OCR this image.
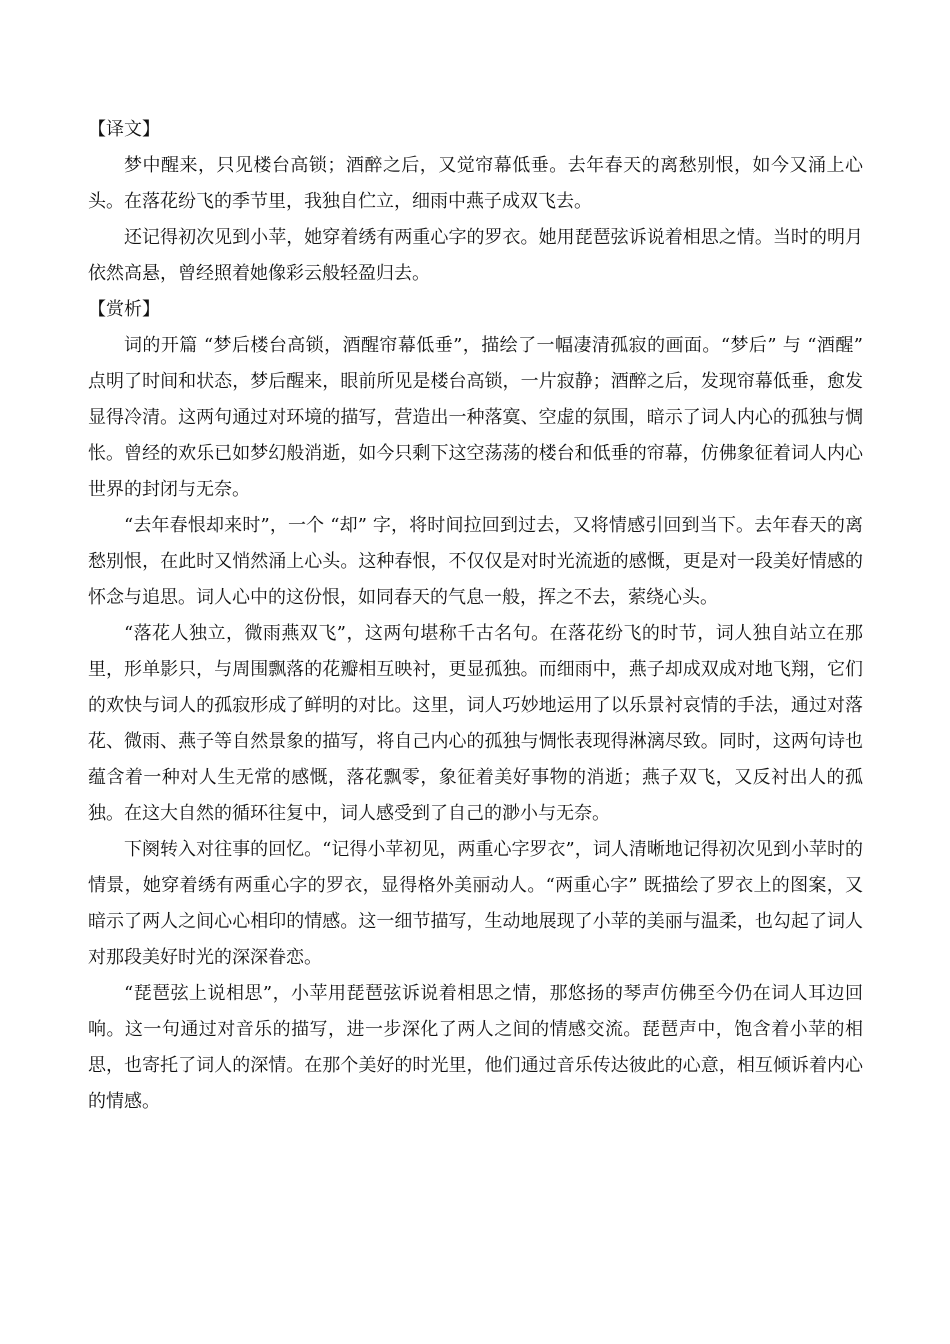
【译文】

梦中醒来，只见楼台高锁；酒醉之后，又觉帘幕低垂。去年春天的离愁别恨，如今又涌上心头。在落花纷飞的季节里，我独自伫立，细雨中燕子成双飞去。

还记得初次见到小苹，她穿着绣有两重心字的罗衣。她用琵琶弦诉说着相思之情。当时的明月依然高悬，曾经照着她像彩云般轻盈归去。

【赏析】

词的开篇 “梦后楼台高锁，酒醒帘幕低垂”，描绘了一幅凄清孤寂的画面。“梦后” 与 “酒醒” 点明了时间和状态，梦后醒来，眼前所见是楼台高锁，一片寂静；酒醉之后，发现帘幕低垂，愈发显得冷清。这两句通过对环境的描写，营造出一种落寞、空虚的氛围，暗示了词人内心的孤独与惆怅。曾经的欢乐已如梦幻般消逝，如今只剩下这空荡荡的楼台和低垂的帘幕，仿佛象征着词人内心世界的封闭与无奈。

“去年春恨却来时”，一个 “却” 字，将时间拉回到过去，又将情感引回到当下。去年春天的离愁别恨，在此时又悄然涌上心头。这种春恨，不仅仅是对时光流逝的感慨，更是对一段美好情感的怀念与追思。词人心中的这份恨，如同春天的气息一般，挥之不去，萦绕心头。

“落花人独立，微雨燕双飞”，这两句堪称千古名句。在落花纷飞的时节，词人独自站立在那里，形单影只，与周围飘落的花瓣相互映衬，更显孤独。而细雨中，燕子却成双成对地飞翔，它们的欢快与词人的孤寂形成了鲜明的对比。这里，词人巧妙地运用了以乐景衬哀情的手法，通过对落花、微雨、燕子等自然景象的描写，将自己内心的孤独与惆怅表现得淋漓尽致。同时，这两句诗也蕴含着一种对人生无常的感慨，落花飘零，象征着美好事物的消逝；燕子双飞，又反衬出人的孤独。在这大自然的循环往复中，词人感受到了自己的渺小与无奈。

下阕转入对往事的回忆。“记得小苹初见，两重心字罗衣”，词人清晰地记得初次见到小苹时的情景，她穿着绣有两重心字的罗衣，显得格外美丽动人。“两重心字” 既描绘了罗衣上的图案，又暗示了两人之间心心相印的情感。这一细节描写，生动地展现了小苹的美丽与温柔，也勾起了词人对那段美好时光的深深眷恋。

“琵琶弦上说相思”，小苹用琵琶弦诉说着相思之情，那悠扬的琴声仿佛至今仍在词人耳边回响。这一句通过对音乐的描写，进一步深化了两人之间的情感交流。琵琶声中，饱含着小苹的相思，也寄托了词人的深情。在那个美好的时光里，他们通过音乐传达彼此的心意，相互倾诉着内心的情感。
